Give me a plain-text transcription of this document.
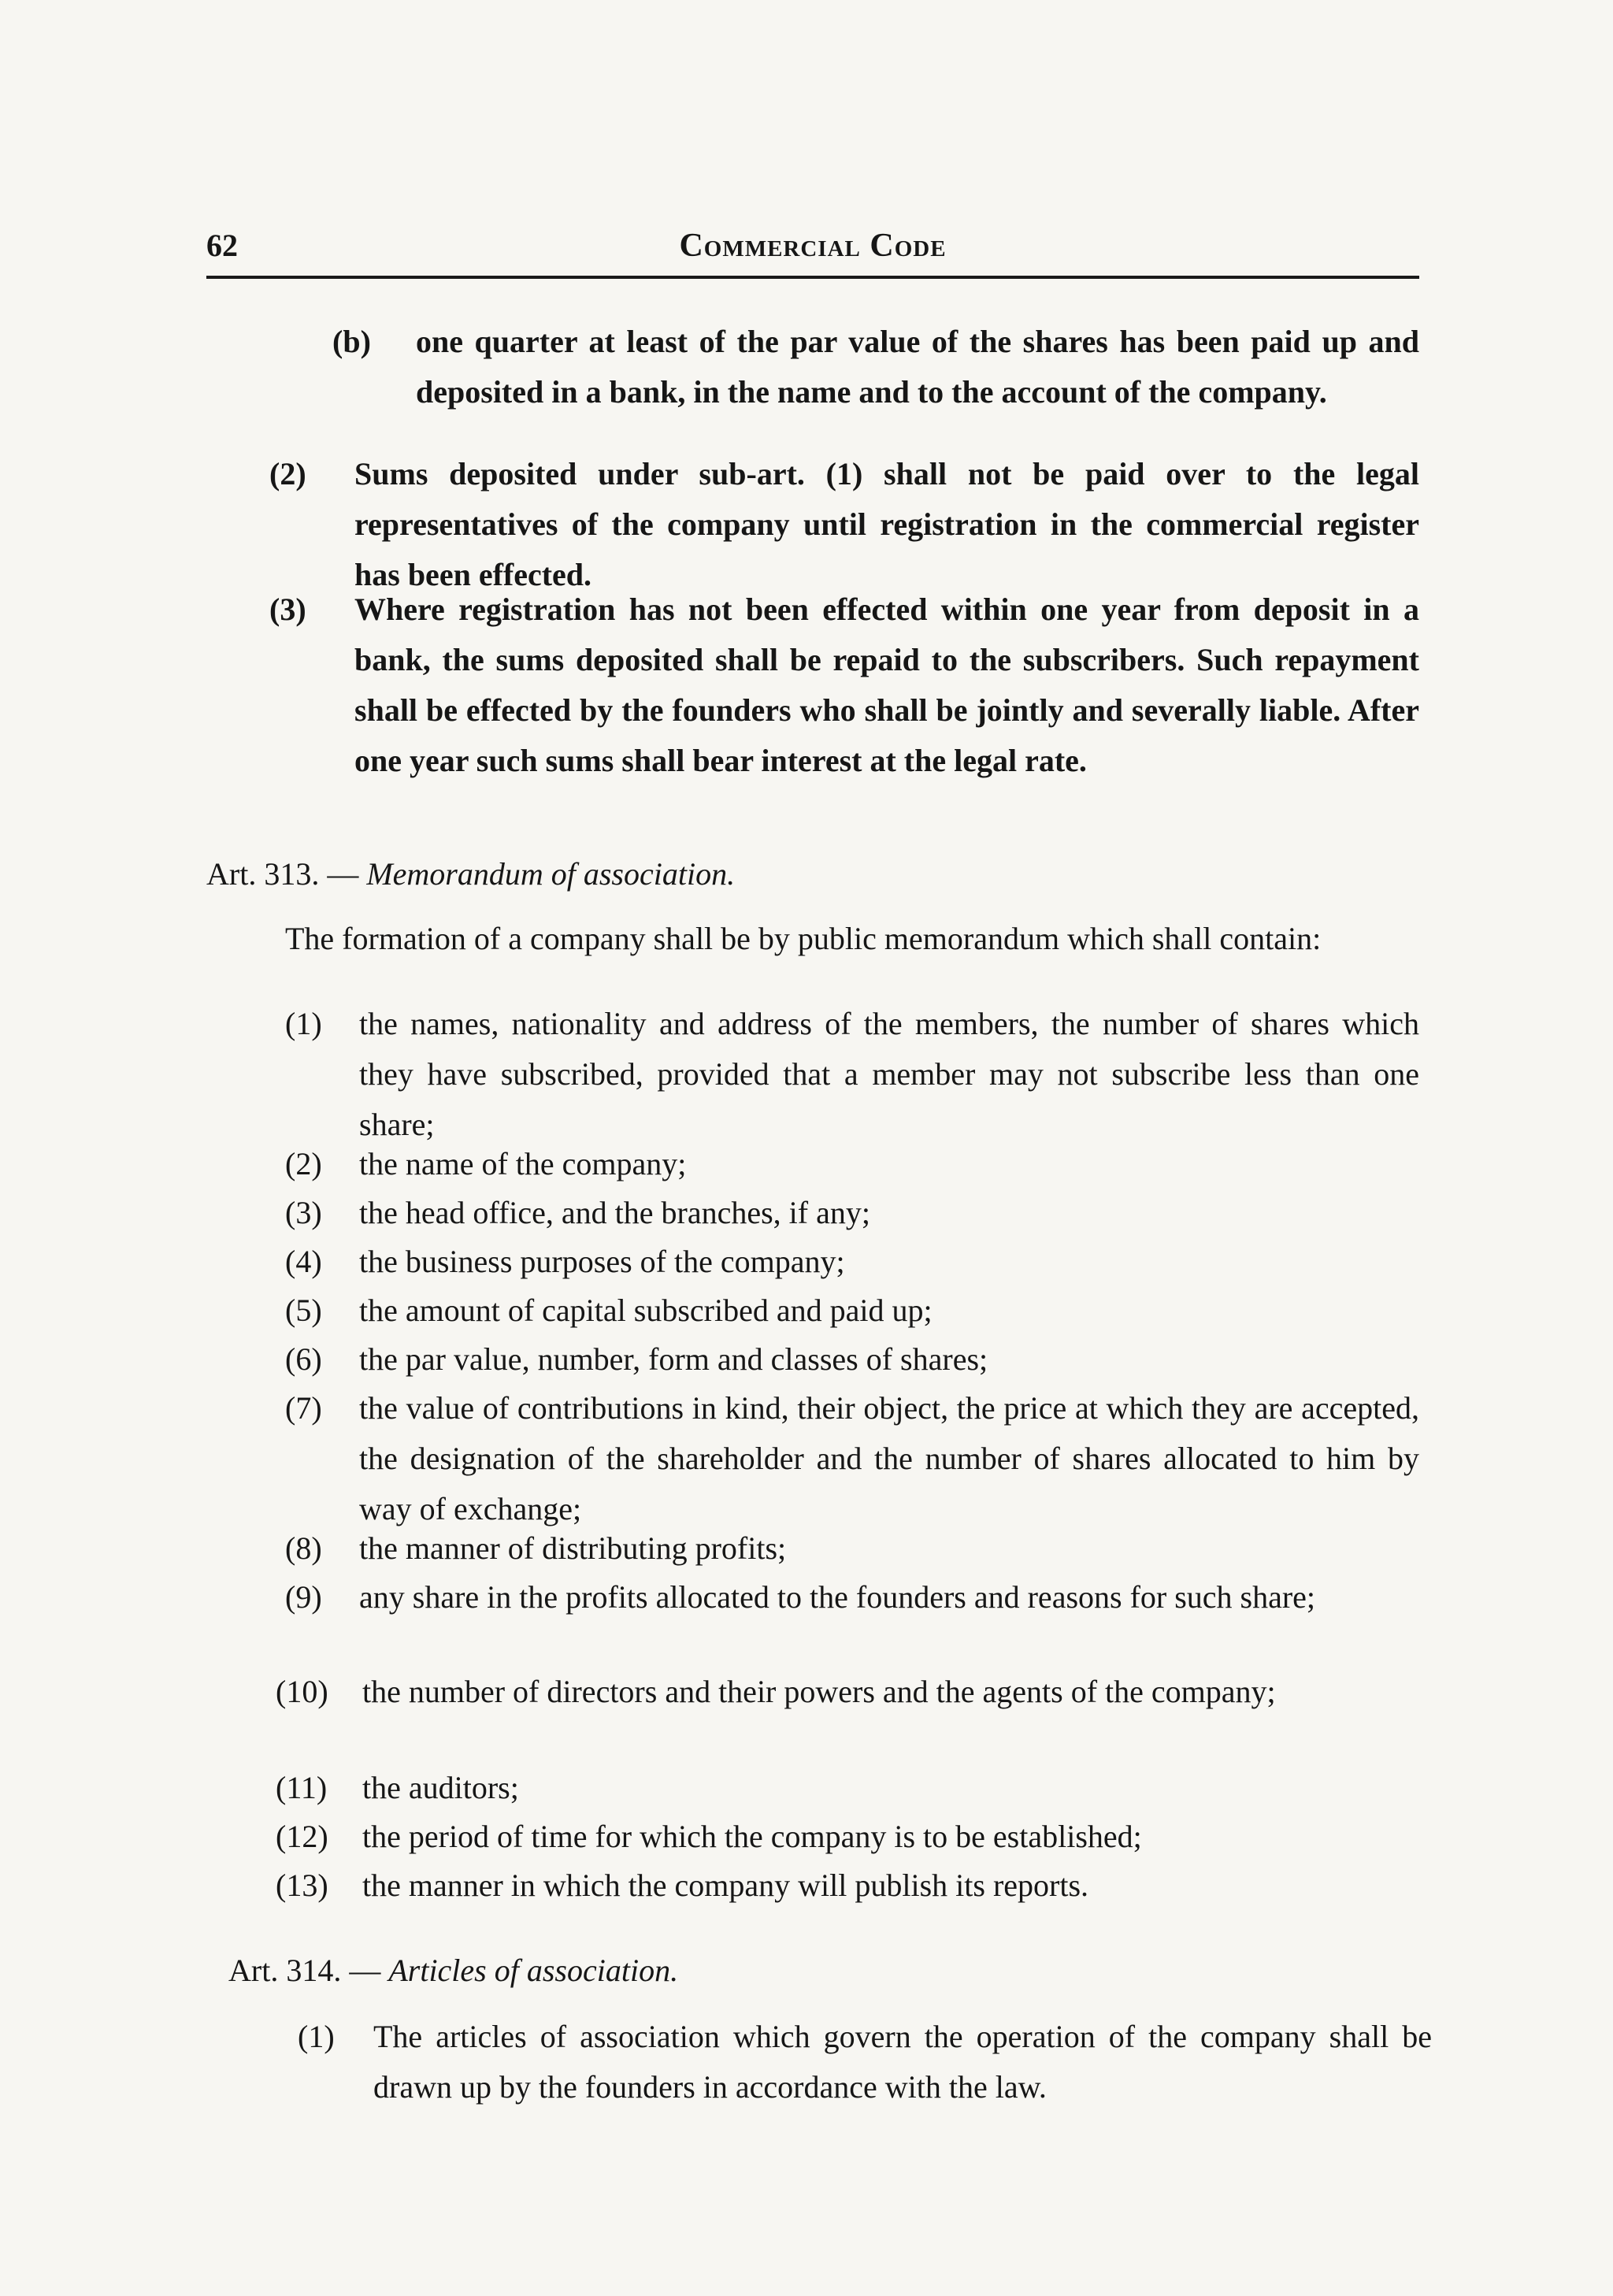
62	Commercial Code
(b) one quarter at least of the par value of the shares has been paid up and deposited in a bank, in the name and to the account of the company.
(2) Sums deposited under sub-art. (1) shall not be paid over to the legal representatives of the company until registration in the commercial register has been effected.
(3) Where registration has not been effected within one year from deposit in a bank, the sums deposited shall be repaid to the subscribers. Such repayment shall be effected by the founders who shall be jointly and severally liable. After one year such sums shall bear interest at the legal rate.
Art. 313. — Memorandum of association.
The formation of a company shall be by public memorandum which shall contain:
(1) the names, nationality and address of the members, the number of shares which they have subscribed, provided that a member may not subscribe less than one share;
(2) the name of the company;
(3) the head office, and the branches, if any;
(4) the business purposes of the company;
(5) the amount of capital subscribed and paid up;
(6) the par value, number, form and classes of shares;
(7) the value of contributions in kind, their object, the price at which they are accepted, the designation of the shareholder and the number of shares allocated to him by way of exchange;
(8) the manner of distributing profits;
(9) any share in the profits allocated to the founders and reasons for such share;
(10) the number of directors and their powers and the agents of the company;
(11) the auditors;
(12) the period of time for which the company is to be established;
(13) the manner in which the company will publish its reports.
Art. 314. — Articles of association.
(1) The articles of association which govern the operation of the company shall be drawn up by the founders in accordance with the law.
